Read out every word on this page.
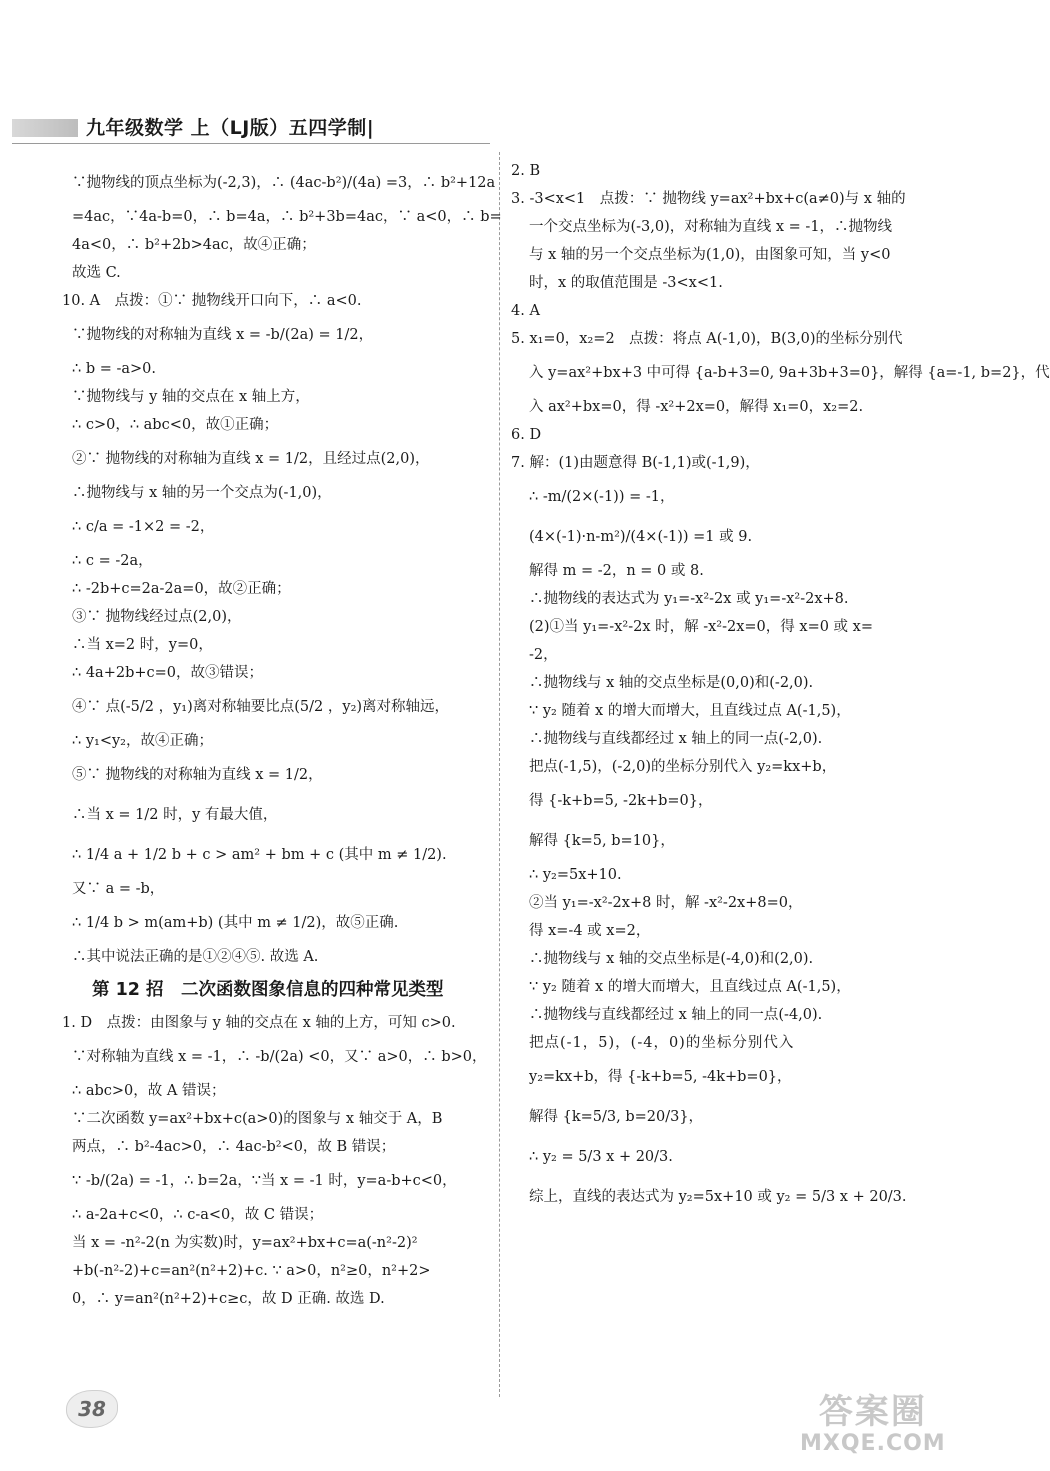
九年级数学 上（LJ版）五四学制|
∵抛物线的顶点坐标为(-2,3)，∴ (4ac-b²)/(4a) =3，∴ b²+12a
=4ac，∵4a-b=0，∴ b=4a，∴ b²+3b=4ac，∵ a<0，∴ b=
4a<0，∴ b²+2b>4ac，故④正确；
故选 C.
10. A　点拨：①∵ 抛物线开口向下，∴ a<0.
∵抛物线的对称轴为直线 x = -b/(2a) = 1/2，
∴ b = -a>0.
∵抛物线与 y 轴的交点在 x 轴上方，
∴ c>0，∴ abc<0，故①正确；
②∵ 抛物线的对称轴为直线 x = 1/2，且经过点(2,0)，
∴抛物线与 x 轴的另一个交点为(-1,0)，
∴ c/a = -1×2 = -2，
∴ c = -2a，
∴ -2b+c=2a-2a=0，故②正确；
③∵ 抛物线经过点(2,0)，
∴当 x=2 时，y=0，
∴ 4a+2b+c=0，故③错误；
④∵ 点(-5/2 ，y₁)离对称轴要比点(5/2 ，y₂)离对称轴远，
∴ y₁<y₂，故④正确；
⑤∵ 抛物线的对称轴为直线 x = 1/2，
∴当 x = 1/2 时，y 有最大值，
∴ 1/4 a + 1/2 b + c > am² + bm + c (其中 m ≠ 1/2).
又∵ a = -b，
∴ 1/4 b > m(am+b) (其中 m ≠ 1/2)，故⑤正确.
∴其中说法正确的是①②④⑤. 故选 A.
第 12 招　二次函数图象信息的四种常见类型
1. D　点拨：由图象与 y 轴的交点在 x 轴的上方，可知 c>0.
∵对称轴为直线 x = -1，∴ -b/(2a) <0，又∵ a>0，∴ b>0，
∴ abc>0，故 A 错误；
∵二次函数 y=ax²+bx+c(a>0)的图象与 x 轴交于 A，B
两点，∴ b²-4ac>0，∴ 4ac-b²<0，故 B 错误；
∵ -b/(2a) = -1，∴ b=2a，∵当 x = -1 时，y=a-b+c<0，
∴ a-2a+c<0，∴ c-a<0，故 C 错误；
当 x = -n²-2(n 为实数)时，y=ax²+bx+c=a(-n²-2)²
+b(-n²-2)+c=an²(n²+2)+c. ∵ a>0，n²≥0，n²+2>
0，∴ y=an²(n²+2)+c≥c，故 D 正确. 故选 D.
2. B
3. -3<x<1　点拨：∵ 抛物线 y=ax²+bx+c(a≠0)与 x 轴的
一个交点坐标为(-3,0)，对称轴为直线 x = -1，∴抛物线
与 x 轴的另一个交点坐标为(1,0)，由图象可知，当 y<0
时，x 的取值范围是 -3<x<1.
4. A
5. x₁=0，x₂=2　点拨：将点 A(-1,0)，B(3,0)的坐标分别代
入 y=ax²+bx+3 中可得 {a-b+3=0, 9a+3b+3=0}，解得 {a=-1, b=2}，代
入 ax²+bx=0，得 -x²+2x=0，解得 x₁=0，x₂=2.
6. D
7. 解：(1)由题意得 B(-1,1)或(-1,9)，
∴ -m/(2×(-1)) = -1，
(4×(-1)·n-m²)/(4×(-1)) =1 或 9.
解得 m = -2，n = 0 或 8.
∴抛物线的表达式为 y₁=-x²-2x 或 y₁=-x²-2x+8.
(2)①当 y₁=-x²-2x 时，解 -x²-2x=0，得 x=0 或 x=
-2，
∴抛物线与 x 轴的交点坐标是(0,0)和(-2,0).
∵ y₂ 随着 x 的增大而增大，且直线过点 A(-1,5)，
∴抛物线与直线都经过 x 轴上的同一点(-2,0).
把点(-1,5)，(-2,0)的坐标分别代入 y₂=kx+b，
得 {-k+b=5, -2k+b=0}，
解得 {k=5, b=10}，
∴ y₂=5x+10.
②当 y₁=-x²-2x+8 时，解 -x²-2x+8=0，
得 x=-4 或 x=2，
∴抛物线与 x 轴的交点坐标是(-4,0)和(2,0).
∵ y₂ 随着 x 的增大而增大，且直线过点 A(-1,5)，
∴抛物线与直线都经过 x 轴上的同一点(-4,0).
把点(-1，5)，(-4，0)的坐标分别代入
y₂=kx+b，得 {-k+b=5, -4k+b=0}，
解得 {k=5/3, b=20/3}，
∴ y₂ = 5/3 x + 20/3.
综上，直线的表达式为 y₂=5x+10 或 y₂ = 5/3 x + 20/3.
38	答案圈
MXQE.COM
